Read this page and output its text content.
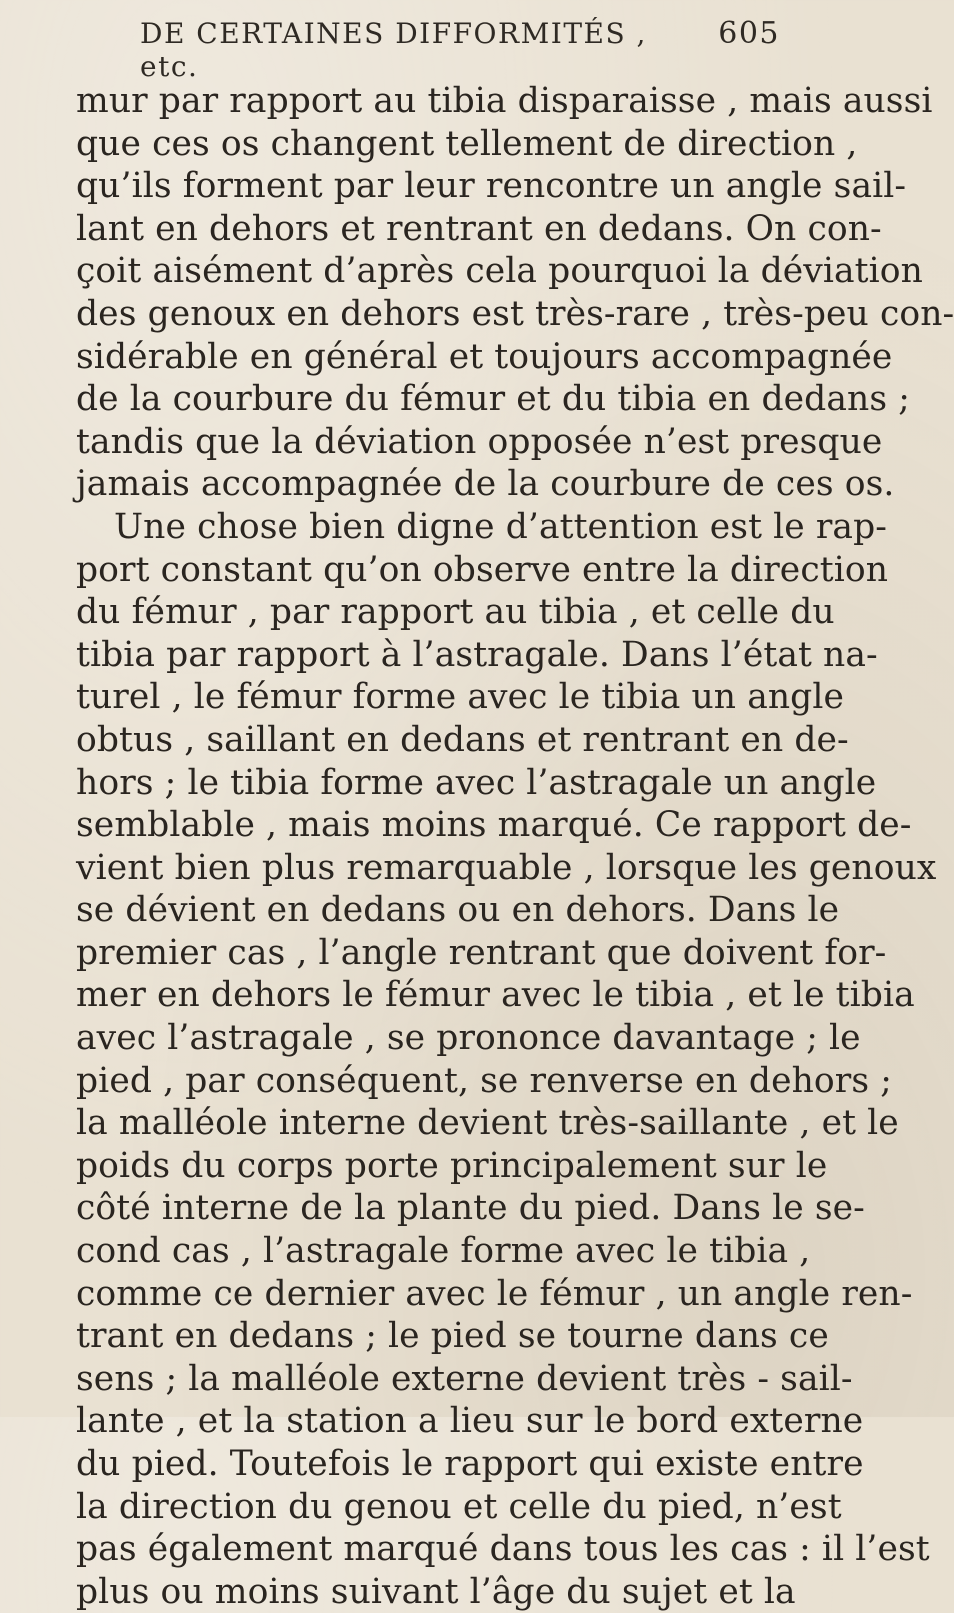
DE CERTAINES DIFFORMITÉS , etc.
605
mur par rapport au tibia disparaisse , mais aussi
que ces os changent tellement de direction ,
qu’ils forment par leur rencontre un angle sail-
lant en dehors et rentrant en dedans. On con-
çoit aisément d’après cela pourquoi la déviation
des genoux en dehors est très-rare , très-peu con-
sidérable en général et toujours accompagnée
de la courbure du fémur et du tibia en dedans ;
tandis que la déviation opposée n’est presque
jamais accompagnée de la courbure de ces os.
Une chose bien digne d’attention est le rap-
port constant qu’on observe entre la direction
du fémur , par rapport au tibia , et celle du
tibia par rapport à l’astragale. Dans l’état na-
turel , le fémur forme avec le tibia un angle
obtus , saillant en dedans et rentrant en de-
hors ; le tibia forme avec l’astragale un angle
semblable , mais moins marqué. Ce rapport de-
vient bien plus remarquable , lorsque les genoux
se dévient en dedans ou en dehors. Dans le
premier cas , l’angle rentrant que doivent for-
mer en dehors le fémur avec le tibia , et le tibia
avec l’astragale , se prononce davantage ; le
pied , par conséquent, se renverse en dehors ;
la malléole interne devient très-saillante , et le
poids du corps porte principalement sur le
côté interne de la plante du pied. Dans le se-
cond cas , l’astragale forme avec le tibia ,
comme ce dernier avec le fémur , un angle ren-
trant en dedans ; le pied se tourne dans ce
sens ; la malléole externe devient très - sail-
lante , et la station a lieu sur le bord externe
du pied. Toutefois le rapport qui existe entre
la direction du genou et celle du pied, n’est
pas également marqué dans tous les cas : il l’est
plus ou moins suivant l’âge du sujet et la
